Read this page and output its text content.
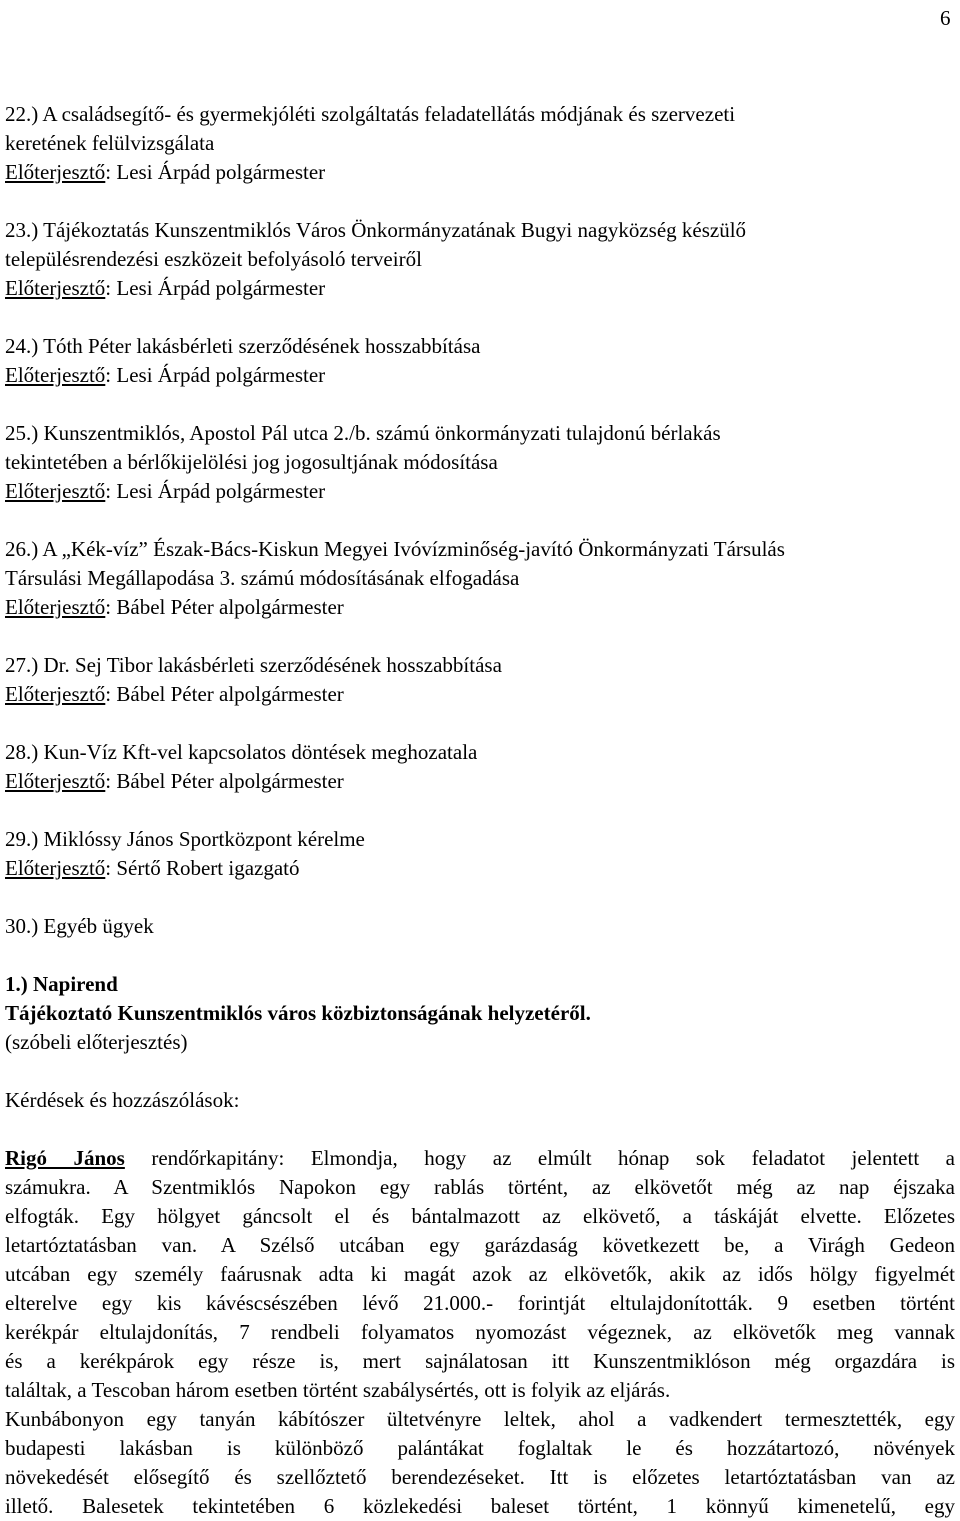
6
22.) A családsegítő- és gyermekjóléti szolgáltatás feladatellátás módjának és szervezeti
keretének felülvizsgálata
Előterjesztő: Lesi Árpád polgármester
23.) Tájékoztatás Kunszentmiklós Város Önkormányzatának Bugyi nagyközség készülő
településrendezési eszközeit befolyásoló terveiről
Előterjesztő: Lesi Árpád polgármester
24.) Tóth Péter lakásbérleti szerződésének hosszabbítása
Előterjesztő: Lesi Árpád polgármester
25.) Kunszentmiklós, Apostol Pál utca 2./b. számú önkormányzati tulajdonú bérlakás
tekintetében a bérlőkijelölési jog jogosultjának módosítása
Előterjesztő: Lesi Árpád polgármester
26.) A „Kék-víz” Észak-Bács-Kiskun Megyei Ivóvízminőség-javító Önkormányzati Társulás
Társulási Megállapodása 3. számú módosításának elfogadása
Előterjesztő: Bábel Péter alpolgármester
27.) Dr. Sej Tibor lakásbérleti szerződésének hosszabbítása
Előterjesztő: Bábel Péter alpolgármester
28.) Kun-Víz Kft-vel kapcsolatos döntések meghozatala
Előterjesztő: Bábel Péter alpolgármester
29.) Miklóssy János Sportközpont kérelme
Előterjesztő: Sértő Robert igazgató
30.) Egyéb ügyek
1.) Napirend
Tájékoztató Kunszentmiklós város közbiztonságának helyzetéről.
(szóbeli előterjesztés)
Kérdések és hozzászólások:
Rigó János rendőrkapitány: Elmondja, hogy az elmúlt hónap sok feladatot jelentett a
számukra. A Szentmiklós Napokon egy rablás történt, az elkövetőt még az nap éjszaka
elfogták. Egy hölgyet gáncsolt el és bántalmazott az elkövető, a táskáját elvette. Előzetes
letartóztatásban van. A Szélső utcában egy garázdaság következett be, a Virágh Gedeon
utcában egy személy faárusnak adta ki magát azok az elkövetők, akik az idős hölgy figyelmét
elterelve egy kis kávéscsészében lévő 21.000.- forintját eltulajdonították. 9 esetben történt
kerékpár eltulajdonítás, 7 rendbeli folyamatos nyomozást végeznek, az elkövetők meg vannak
és a kerékpárok egy része is, mert sajnálatosan itt Kunszentmiklóson még orgazdára is
találtak, a Tescoban három esetben történt szabálysértés, ott is folyik az eljárás.
Kunbábonyon egy tanyán kábítószer ültetvényre leltek, ahol a vadkendert termesztették, egy
budapesti lakásban is különböző palántákat foglaltak le és hozzátartozó, növények
növekedését elősegítő és szellőztető berendezéseket. Itt is előzetes letartóztatásban van az
illető. Balesetek tekintetében 6 közlekedési baleset történt, 1 könnyű kimenetelű, egy
